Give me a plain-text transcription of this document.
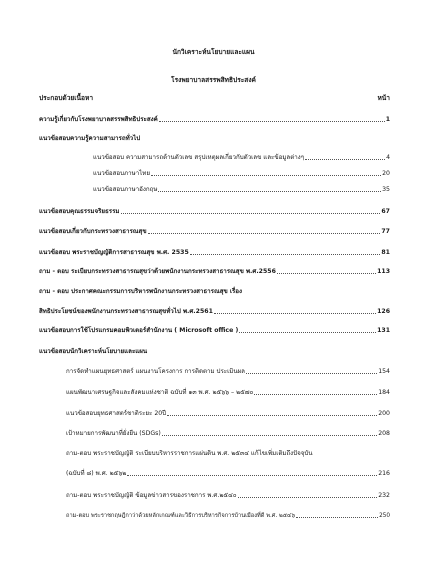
นักวิเคราะห์นโยบายและแผน
โรงพยาบาลสรรพสิทธิประสงค์
ประกอบด้วยเนื้อหา	หน้า
ความรู้เกี่ยวกับโรงพยาบาลสรรพสิทธิประสงค์	1
แนวข้อสอบความรู้ความสามารถทั่วไป
แนวข้อสอบ ความสามารถด้านตัวเลข สรุปเหตุผลเกี่ยวกับตัวเลข และข้อมูลต่างๆ	4
แนวข้อสอบภาษาไทย	20
แนวข้อสอบภาษาอังกฤษ	35
แนวข้อสอบคุณธรรมจริยธรรม	67
แนวข้อสอบเกี่ยวกับกระทรวงสาธารณสุข	77
แนวข้อสอบ พระราชบัญญัติการสาธารณสุข พ.ศ. 2535	81
ถาม - ตอบ ระเบียบกระทรวงสาธารณสุขว่าด้วยพนักงานกระทรวงสาธารณสุข พ.ศ.2556	113
ถาม - ตอบ ประกาศคณะกรรมการบริหารพนักงานกระทรวงสาธารณสุข เรื่อง
สิทธิประโยชน์ของพนักงานกระทรวงสาธารณสุขทั่วไป พ.ศ.2561	126
แนวข้อสอบการใช้โปรแกรมคอมพิวเตอร์สำนักงาน ( Microsoft office )	131
แนวข้อสอบนักวิเคราะห์นโยบายและแผน
การจัดทำแผนยุทธศาสตร์ แผนงานโครงการ การติดตาม ประเมินผล	154
แผนพัฒนาเศรษฐกิจและสังคมแห่งชาติ ฉบับที่ ๑๓ พ.ศ. ๒๕๖๖ – ๒๕๗๐	184
แนวข้อสอบยุทธศาสตร์ชาติระยะ 20ปี	200
เป้าหมายการพัฒนาที่ยั่งยืน (SDGs)	208
ถาม-ตอบ พระราชบัญญัติ ระเบียบบริหารราชการแผ่นดิน พ.ศ. ๒๕๓๔ แก้ไขเพิ่มเติมถึงปัจจุบัน
(ฉบับที่ ๘) พ.ศ. ๒๕๖๒	216
ถาม-ตอบ พระราชบัญญัติ ข้อมูลข่าวสารของราชการ พ.ศ.๒๕๔๐	232
ถาม-ตอบ พระราชกฤษฎีกาว่าด้วยหลักเกณฑ์และวิธีการบริหารกิจการบ้านเมืองที่ดี พ.ศ. ๒๕๔๖	250
